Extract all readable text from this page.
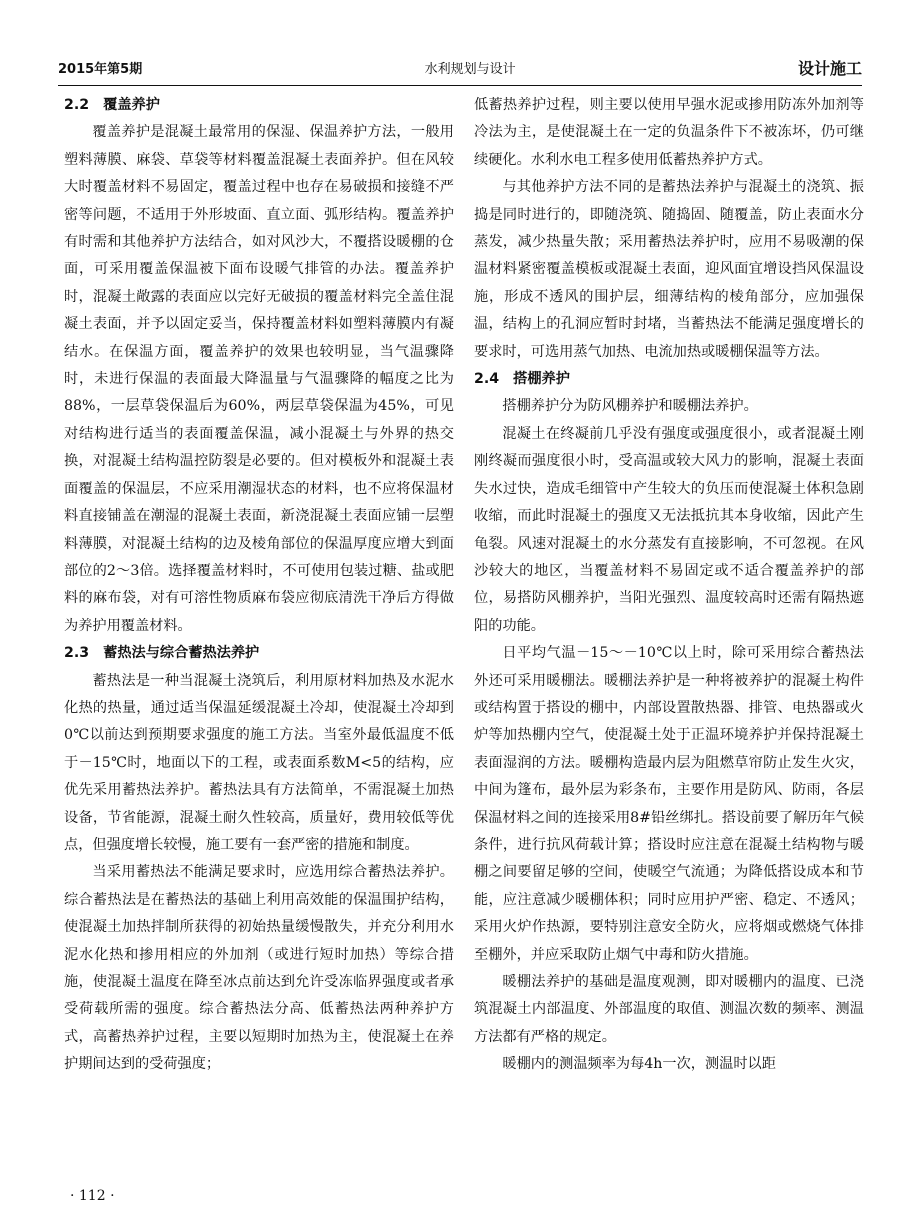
2015年第5期	水利规划与设计	设计施工
2.2 覆盖养护

覆盖养护是混凝土最常用的保湿、保温养护方法，一般用塑料薄膜、麻袋、草袋等材料覆盖混凝土表面养护。但在风较大时覆盖材料不易固定，覆盖过程中也存在易破损和接缝不严密等问题，不适用于外形坡面、直立面、弧形结构。覆盖养护有时需和其他养护方法结合，如对风沙大，不覆搭设暖棚的仓面，可采用覆盖保温被下面布设暖气排管的办法。覆盖养护时，混凝土敞露的表面应以完好无破损的覆盖材料完全盖住混凝土表面，并予以固定妥当，保持覆盖材料如塑料薄膜内有凝结水。在保温方面，覆盖养护的效果也较明显，当气温骤降时，未进行保温的表面最大降温量与气温骤降的幅度之比为88%，一层草袋保温后为60%，两层草袋保温为45%，可见对结构进行适当的表面覆盖保温，减小混凝土与外界的热交换，对混凝土结构温控防裂是必要的。但对模板外和混凝土表面覆盖的保温层，不应采用潮湿状态的材料，也不应将保温材料直接铺盖在潮湿的混凝土表面，新浇混凝土表面应铺一层塑料薄膜，对混凝土结构的边及棱角部位的保温厚度应增大到面部位的2～3倍。选择覆盖材料时，不可使用包装过糖、盐或肥料的麻布袋，对有可溶性物质麻布袋应彻底清洗干净后方得做为养护用覆盖材料。

2.3 蓄热法与综合蓄热法养护

蓄热法是一种当混凝土浇筑后，利用原材料加热及水泥水化热的热量，通过适当保温延缓混凝土冷却，使混凝土冷却到0℃以前达到预期要求强度的施工方法。当室外最低温度不低于－15℃时，地面以下的工程，或表面系数M<5的结构，应优先采用蓄热法养护。蓄热法具有方法简单，不需混凝土加热设备，节省能源，混凝土耐久性较高，质量好，费用较低等优点，但强度增长较慢，施工要有一套严密的措施和制度。

当采用蓄热法不能满足要求时，应选用综合蓄热法养护。综合蓄热法是在蓄热法的基础上利用高效能的保温围护结构，使混凝土加热拌制所获得的初始热量缓慢散失，并充分利用水泥水化热和掺用相应的外加剂（或进行短时加热）等综合措施，使混凝土温度在降至冰点前达到允许受冻临界强度或者承受荷载所需的强度。综合蓄热法分高、低蓄热法两种养护方式，高蓄热养护过程，主要以短期时加热为主，使混凝土在养护期间达到的受荷强度；

低蓄热养护过程，则主要以使用早强水泥或掺用防冻外加剂等冷法为主，是使混凝土在一定的负温条件下不被冻坏，仍可继续硬化。水利水电工程多使用低蓄热养护方式。

与其他养护方法不同的是蓄热法养护与混凝土的浇筑、振捣是同时进行的，即随浇筑、随捣固、随覆盖，防止表面水分蒸发，减少热量失散；采用蓄热法养护时，应用不易吸潮的保温材料紧密覆盖模板或混凝土表面，迎风面宜增设挡风保温设施，形成不透风的围护层，细薄结构的棱角部分，应加强保温，结构上的孔洞应暂时封堵，当蓄热法不能满足强度增长的要求时，可选用蒸气加热、电流加热或暖棚保温等方法。

2.4 搭棚养护

搭棚养护分为防风棚养护和暖棚法养护。

混凝土在终凝前几乎没有强度或强度很小，或者混凝土刚刚终凝而强度很小时，受高温或较大风力的影响，混凝土表面失水过快，造成毛细管中产生较大的负压而使混凝土体积急剧收缩，而此时混凝土的强度又无法抵抗其本身收缩，因此产生龟裂。风速对混凝土的水分蒸发有直接影响，不可忽视。在风沙较大的地区，当覆盖材料不易固定或不适合覆盖养护的部位，易搭防风棚养护，当阳光强烈、温度较高时还需有隔热遮阳的功能。

日平均气温－15～－10℃以上时，除可采用综合蓄热法外还可采用暖棚法。暖棚法养护是一种将被养护的混凝土构件或结构置于搭设的棚中，内部设置散热器、排管、电热器或火炉等加热棚内空气，使混凝土处于正温环境养护并保持混凝土表面湿润的方法。暖棚构造最内层为阻燃草帘防止发生火灾，中间为篷布，最外层为彩条布，主要作用是防风、防雨，各层保温材料之间的连接采用8#铅丝绑扎。搭设前要了解历年气候条件，进行抗风荷载计算；搭设时应注意在混凝土结构物与暖棚之间要留足够的空间，使暖空气流通；为降低搭设成本和节能，应注意减少暖棚体积；同时应用护严密、稳定、不透风；采用火炉作热源，要特别注意安全防火，应将烟或燃烧气体排至棚外，并应采取防止烟气中毒和防火措施。

暖棚法养护的基础是温度观测，即对暖棚内的温度、已浇筑混凝土内部温度、外部温度的取值、测温次数的频率、测温方法都有严格的规定。

暖棚内的测温频率为每4h一次，测温时以距

· 112 ·
